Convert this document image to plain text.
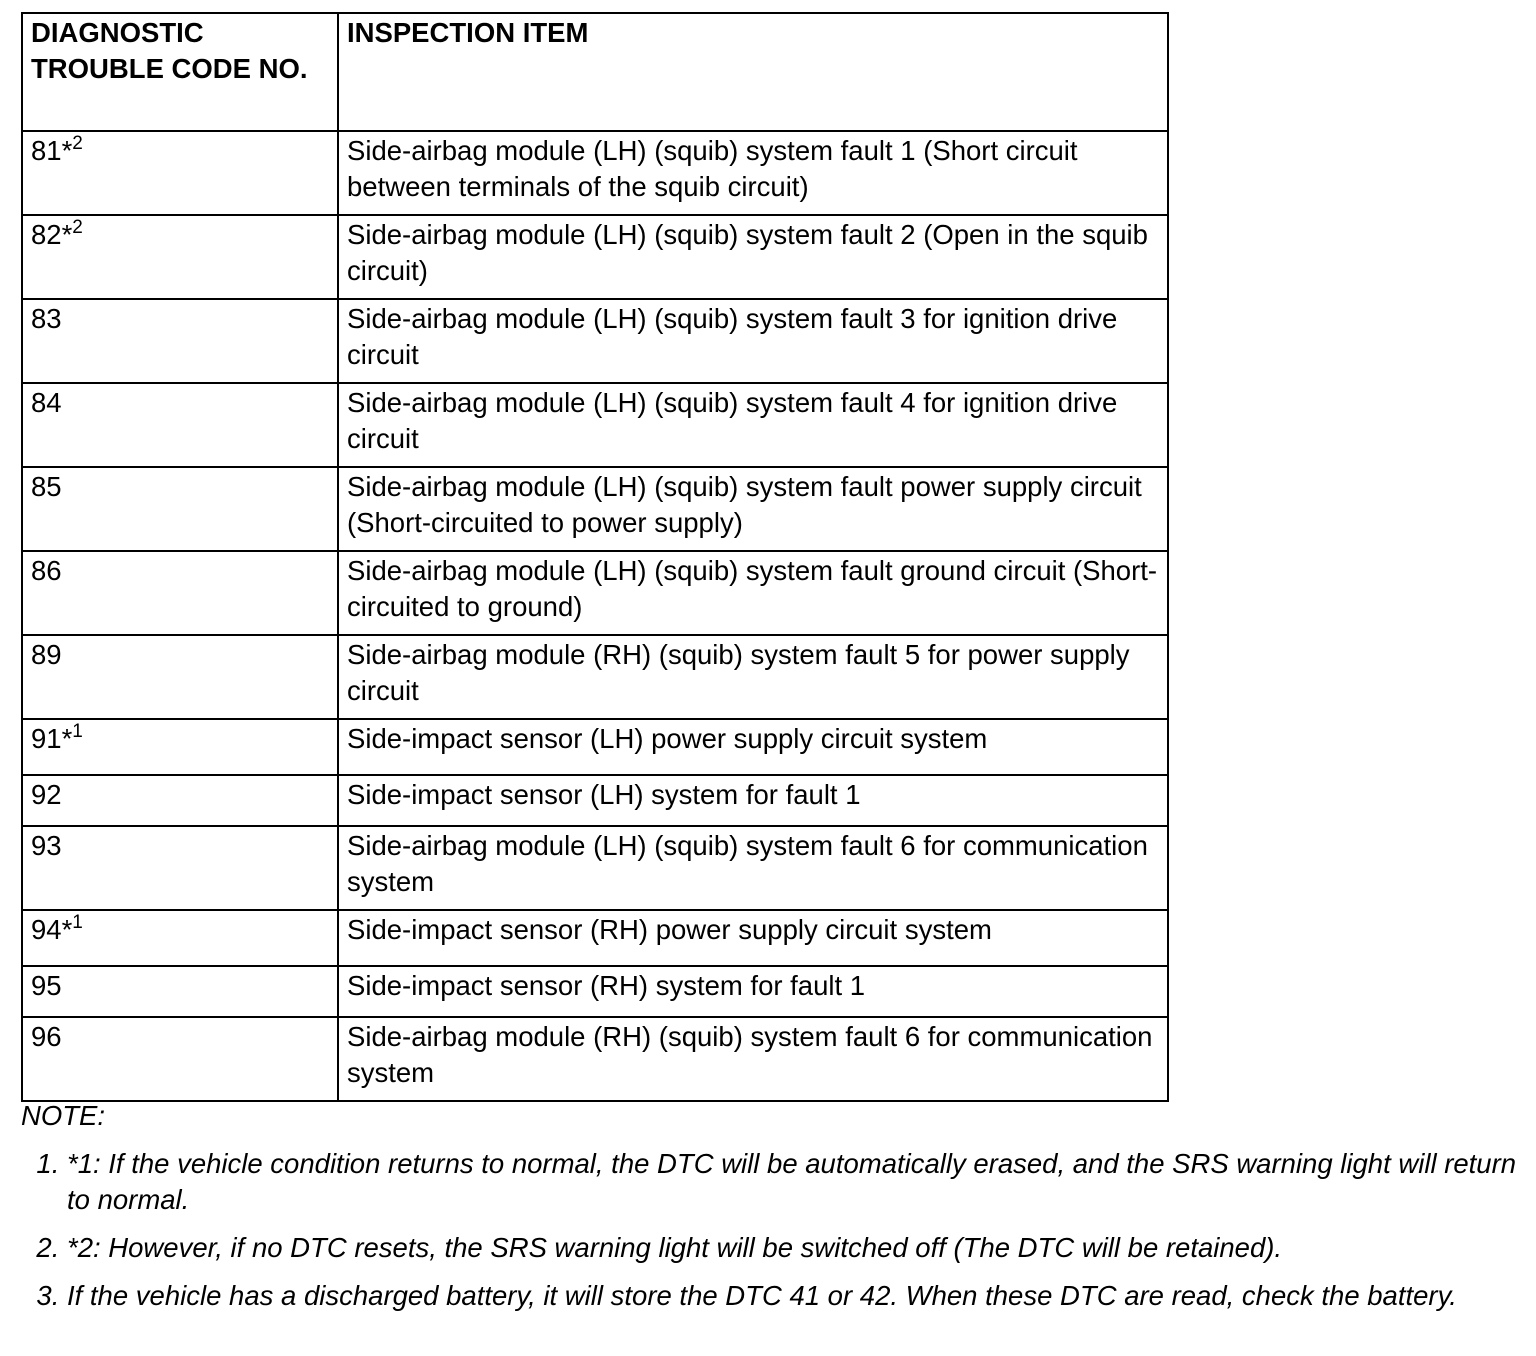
DIAGNOSTIC TROUBLE CODE NO.	INSPECTION ITEM
81*$^2$	Side-airbag module (LH) (squib) system fault 1 (Short circuit between terminals of the squib circuit)
82*$^2$	Side-airbag module (LH) (squib) system fault 2 (Open in the squib circuit)
83	Side-airbag module (LH) (squib) system fault 3 for ignition drive circuit
84	Side-airbag module (LH) (squib) system fault 4 for ignition drive circuit
85	Side-airbag module (LH) (squib) system fault power supply circuit (Short-circuited to power supply)
86	Side-airbag module (LH) (squib) system fault ground circuit (Short-circuited to ground)
89	Side-airbag module (RH) (squib) system fault 5 for power supply circuit
91*$^1$	Side-impact sensor (LH) power supply circuit system
92	Side-impact sensor (LH) system for fault 1
93	Side-airbag module (LH) (squib) system fault 6 for communication system
94*$^1$	Side-impact sensor (RH) power supply circuit system
95	Side-impact sensor (RH) system for fault 1
96	Side-airbag module (RH) (squib) system fault 6 for communication system

NOTE:

1. *1: If the vehicle condition returns to normal, the DTC will be automatically erased, and the SRS warning light will return to normal.
2. *2: However, if no DTC resets, the SRS warning light will be switched off (The DTC will be retained).
3. If the vehicle has a discharged battery, it will store the DTC 41 or 42. When these DTC are read, check the battery.
